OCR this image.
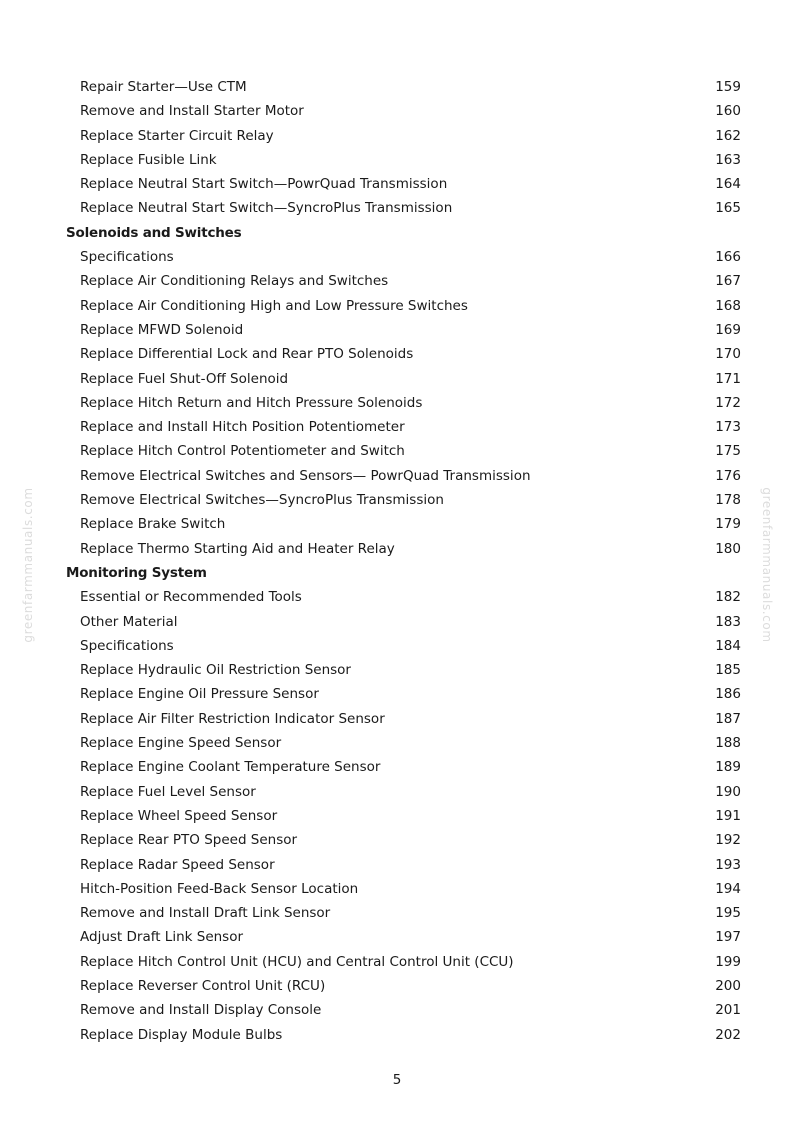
Repair Starter—Use CTM	159
Remove and Install Starter Motor	160
Replace Starter Circuit Relay	162
Replace Fusible Link	163
Replace Neutral Start Switch—PowrQuad Transmission	164
Replace Neutral Start Switch—SyncroPlus Transmission	165
Solenoids and Switches
Specifications	166
Replace Air Conditioning Relays and Switches	167
Replace Air Conditioning High and Low Pressure Switches	168
Replace MFWD Solenoid	169
Replace Differential Lock and Rear PTO Solenoids	170
Replace Fuel Shut-Off Solenoid	171
Replace Hitch Return and Hitch Pressure Solenoids	172
Replace and Install Hitch Position Potentiometer	173
Replace Hitch Control Potentiometer and Switch	175
Remove Electrical Switches and Sensors— PowrQuad Transmission	176
Remove Electrical Switches—SyncroPlus Transmission	178
Replace Brake Switch	179
Replace Thermo Starting Aid and Heater Relay	180
Monitoring System
Essential or Recommended Tools	182
Other Material	183
Specifications	184
Replace Hydraulic Oil Restriction Sensor	185
Replace Engine Oil Pressure Sensor	186
Replace Air Filter Restriction Indicator Sensor	187
Replace Engine Speed Sensor	188
Replace Engine Coolant Temperature Sensor	189
Replace Fuel Level Sensor	190
Replace Wheel Speed Sensor	191
Replace Rear PTO Speed Sensor	192
Replace Radar Speed Sensor	193
Hitch-Position Feed-Back Sensor Location	194
Remove and Install Draft Link Sensor	195
Adjust Draft Link Sensor	197
Replace Hitch Control Unit (HCU) and Central Control Unit (CCU)	199
Replace Reverser Control Unit (RCU)	200
Remove and Install Display Console	201
Replace Display Module Bulbs	202
greenfarmmanuals.com	greenfarmmanuals.com
5
